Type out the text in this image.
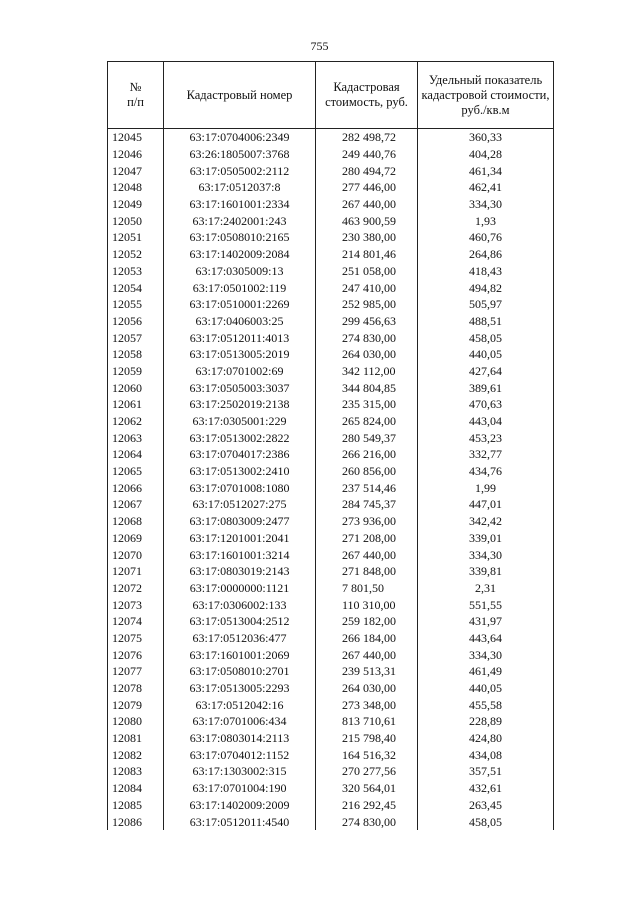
755
№
п/п	Кадастровый номер	Кадастровая стоимость, руб.	Удельный показатель кадастровой стоимости, руб./кв.м
12045	63:17:0704006:2349	282 498,72	360,33
12046	63:26:1805007:3768	249 440,76	404,28
12047	63:17:0505002:2112	280 494,72	461,34
12048	63:17:0512037:8	277 446,00	462,41
12049	63:17:1601001:2334	267 440,00	334,30
12050	63:17:2402001:243	463 900,59	1,93
12051	63:17:0508010:2165	230 380,00	460,76
12052	63:17:1402009:2084	214 801,46	264,86
12053	63:17:0305009:13	251 058,00	418,43
12054	63:17:0501002:119	247 410,00	494,82
12055	63:17:0510001:2269	252 985,00	505,97
12056	63:17:0406003:25	299 456,63	488,51
12057	63:17:0512011:4013	274 830,00	458,05
12058	63:17:0513005:2019	264 030,00	440,05
12059	63:17:0701002:69	342 112,00	427,64
12060	63:17:0505003:3037	344 804,85	389,61
12061	63:17:2502019:2138	235 315,00	470,63
12062	63:17:0305001:229	265 824,00	443,04
12063	63:17:0513002:2822	280 549,37	453,23
12064	63:17:0704017:2386	266 216,00	332,77
12065	63:17:0513002:2410	260 856,00	434,76
12066	63:17:0701008:1080	237 514,46	1,99
12067	63:17:0512027:275	284 745,37	447,01
12068	63:17:0803009:2477	273 936,00	342,42
12069	63:17:1201001:2041	271 208,00	339,01
12070	63:17:1601001:3214	267 440,00	334,30
12071	63:17:0803019:2143	271 848,00	339,81
12072	63:17:0000000:1121	7 801,50	2,31
12073	63:17:0306002:133	110 310,00	551,55
12074	63:17:0513004:2512	259 182,00	431,97
12075	63:17:0512036:477	266 184,00	443,64
12076	63:17:1601001:2069	267 440,00	334,30
12077	63:17:0508010:2701	239 513,31	461,49
12078	63:17:0513005:2293	264 030,00	440,05
12079	63:17:0512042:16	273 348,00	455,58
12080	63:17:0701006:434	813 710,61	228,89
12081	63:17:0803014:2113	215 798,40	424,80
12082	63:17:0704012:1152	164 516,32	434,08
12083	63:17:1303002:315	270 277,56	357,51
12084	63:17:0701004:190	320 564,01	432,61
12085	63:17:1402009:2009	216 292,45	263,45
12086	63:17:0512011:4540	274 830,00	458,05
